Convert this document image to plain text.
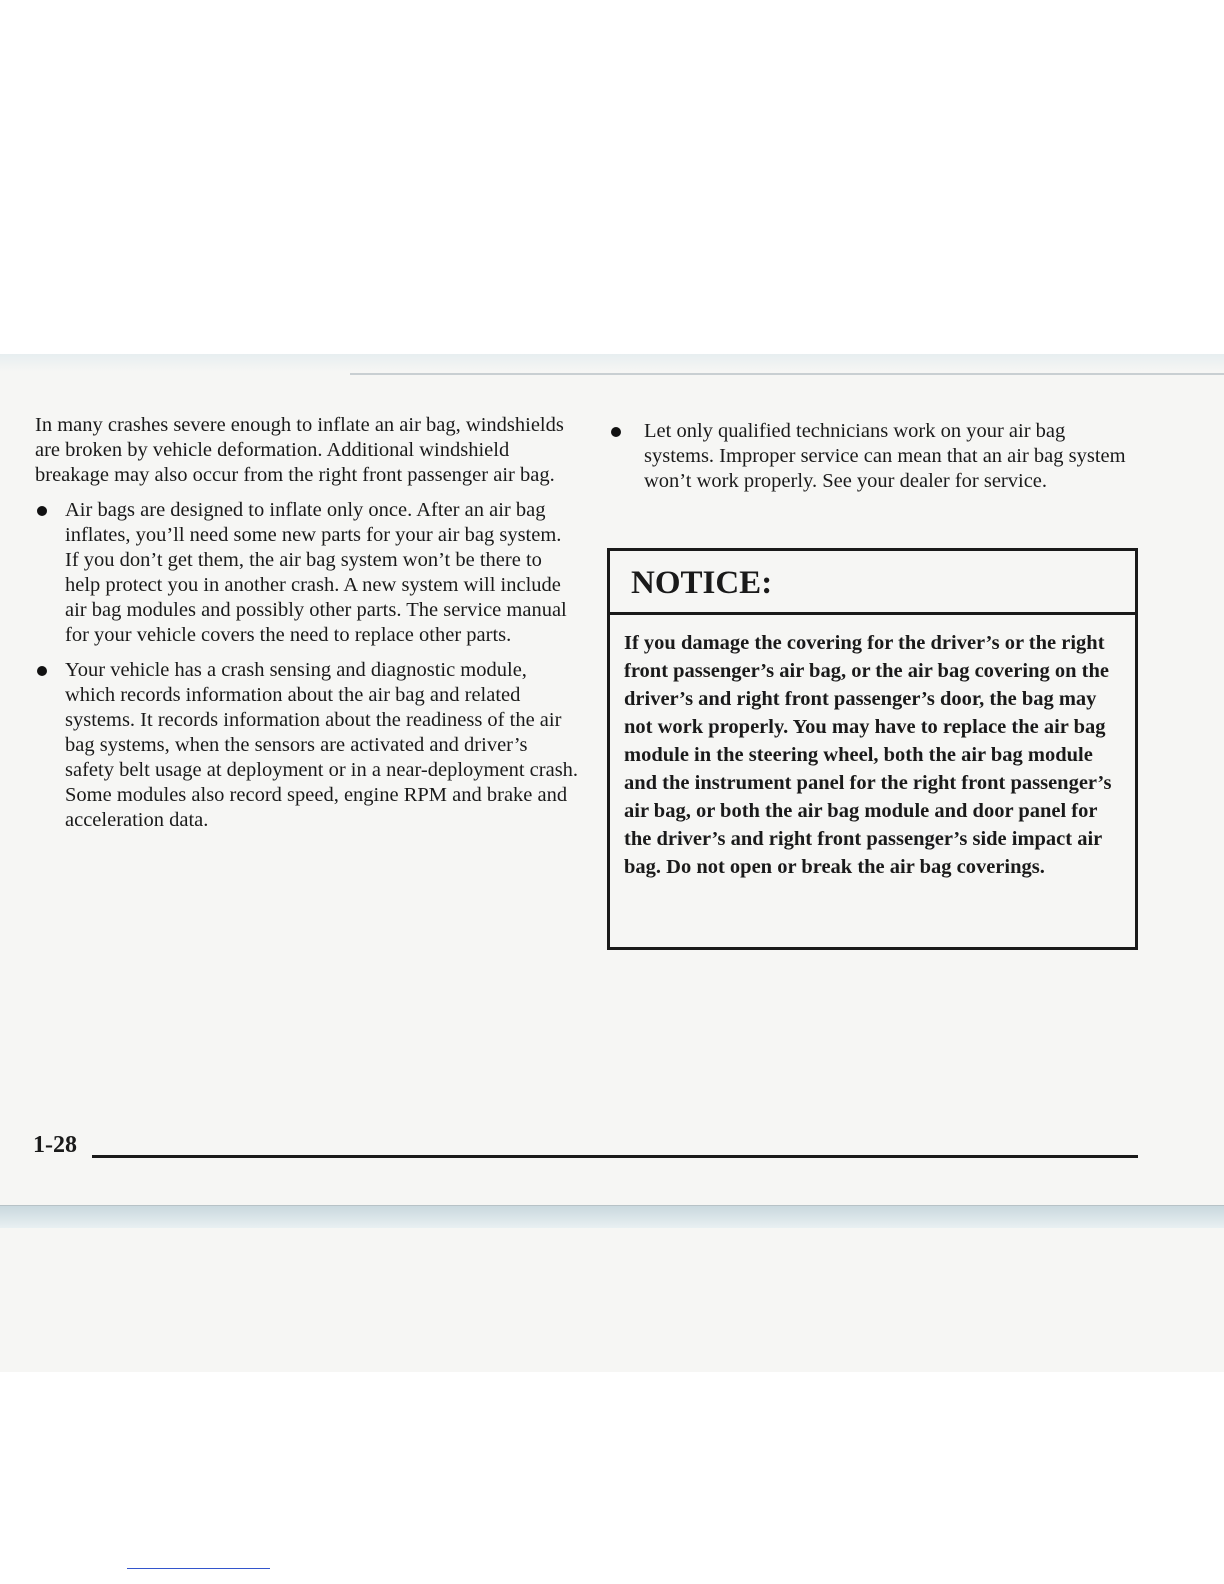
In many crashes severe enough to inflate an air bag, windshields are broken by vehicle deformation. Additional windshield breakage may also occur from the right front passenger air bag.

Air bags are designed to inflate only once. After an air bag inflates, you’ll need some new parts for your air bag system. If you don’t get them, the air bag system won’t be there to help protect you in another crash. A new system will include air bag modules and possibly other parts. The service manual for your vehicle covers the need to replace other parts.
Your vehicle has a crash sensing and diagnostic module, which records information about the air bag and related systems. It records information about the readiness of the air bag systems, when the sensors are activated and driver’s safety belt usage at deployment or in a near-deployment crash. Some modules also record speed, engine RPM and brake and acceleration data.
Let only qualified technicians work on your air bag systems. Improper service can mean that an air bag system won’t work properly. See your dealer for service.
NOTICE:
If you damage the covering for the driver’s or the right front passenger’s air bag, or the air bag covering on the driver’s and right front passenger’s door, the bag may not work properly. You may have to replace the air bag module in the steering wheel, both the air bag module and the instrument panel for the right front passenger’s air bag, or both the air bag module and door panel for the driver’s and right front passenger’s side impact air bag. Do not open or break the air bag coverings.
1-28
